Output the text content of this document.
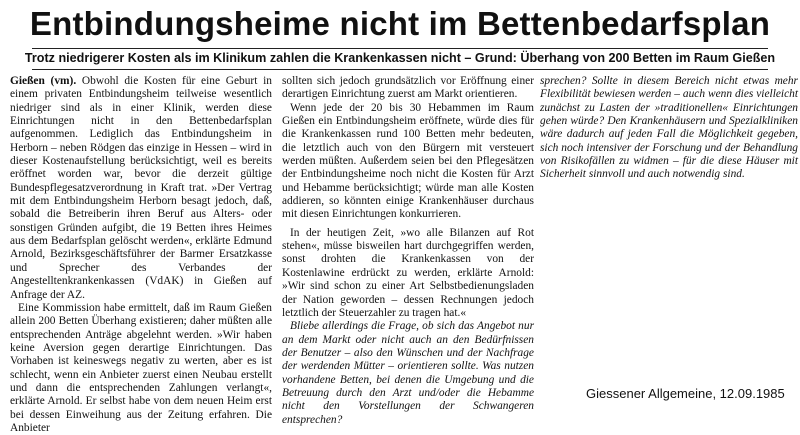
Entbindungsheime nicht im Bettenbedarfsplan
Trotz niedrigerer Kosten als im Klinikum zahlen die Krankenkassen nicht – Grund: Überhang von 200 Betten im Raum Gießen

Gießen (vm). Obwohl die Kosten für eine Geburt in einem privaten Entbindungsheim teilweise wesentlich niedriger sind als in einer Klinik, werden diese Einrichtungen nicht in den Bettenbedarfsplan aufgenommen. Lediglich das Entbindungsheim in Herborn – neben Rödgen das einzige in Hessen – wird in dieser Kostenaufstellung berücksichtigt, weil es bereits eröffnet worden war, bevor die derzeit gültige Bundespflegesatzverordnung in Kraft trat. »Der Vertrag mit dem Entbindungsheim Herborn besagt jedoch, daß, sobald die Betreiberin ihren Beruf aus Alters- oder sonstigen Gründen aufgibt, die 19 Betten ihres Heimes aus dem Bedarfsplan gelöscht werden«, erklärte Edmund Arnold, Bezirksgeschäftsführer der Barmer Ersatzkasse und Sprecher des Verbandes der Angestelltenkrankenkassen (VdAK) in Gießen auf Anfrage der AZ.

Eine Kommission habe ermittelt, daß im Raum Gießen allein 200 Betten Überhang existieren; daher müßten alle entsprechenden Anträge abgelehnt werden. »Wir haben keine Aversion gegen derartige Einrichtungen. Das Vorhaben ist keineswegs negativ zu werten, aber es ist schlecht, wenn ein Anbieter zuerst einen Neubau erstellt und dann die entsprechenden Zahlungen verlangt«, erklärte Arnold. Er selbst habe von dem neuen Heim erst bei dessen Einweihung aus der Zeitung erfahren. Die Anbieter

sollten sich jedoch grundsätzlich vor Eröffnung einer derartigen Einrichtung zuerst am Markt orientieren.

Wenn jede der 20 bis 30 Hebammen im Raum Gießen ein Entbindungsheim eröffnete, würde dies für die Krankenkassen rund 100 Betten mehr bedeuten, die letztlich auch von den Bürgern mit versteuert werden müßten. Außerdem seien bei den Pflegesätzen der Entbindungsheime noch nicht die Kosten für Arzt und Hebamme berücksichtigt; würde man alle Kosten addieren, so könnten einige Krankenhäuser durchaus mit diesen Einrichtungen konkurrieren.

In der heutigen Zeit, »wo alle Bilanzen auf Rot stehen«, müsse bisweilen hart durchgegriffen werden, sonst drohten die Krankenkassen von der Kostenlawine erdrückt zu werden, erklärte Arnold: »Wir sind schon zu einer Art Selbstbedienungsladen der Nation geworden – dessen Rechnungen jedoch letztlich der Steuerzahler zu tragen hat.«

Bliebe allerdings die Frage, ob sich das Angebot nur an dem Markt oder nicht auch an den Bedürfnissen der Benutzer – also den Wünschen und der Nachfrage der werdenden Mütter – orientieren sollte. Was nutzen vorhandene Betten, bei denen die Umgebung und die Betreuung durch den Arzt und/oder die Hebamme nicht den Vorstellungen der Schwangeren entsprechen?

sprechen? Sollte in diesem Bereich nicht etwas mehr Flexibilität bewiesen werden – auch wenn dies vielleicht zunächst zu Lasten der »traditionellen« Einrichtungen gehen würde? Den Krankenhäusern und Spezialkliniken wäre dadurch auf jeden Fall die Möglichkeit gegeben, sich noch intensiver der Forschung und der Behandlung von Risikofällen zu widmen – für die diese Häuser mit Sicherheit sinnvoll und auch notwendig sind.

Giessener Allgemeine, 12.09.1985
